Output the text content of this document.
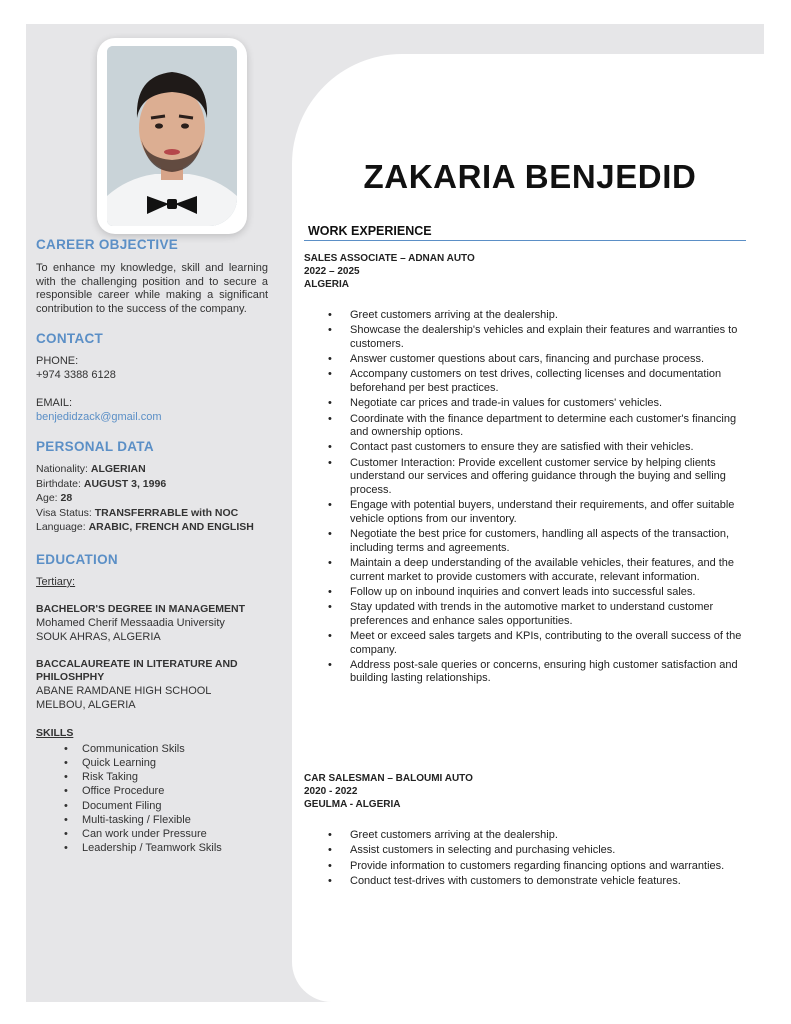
CAREER OBJECTIVE
To enhance my knowledge, skill and learning with the challenging position and to secure a responsible career while making a significant contribution to the success of the company.
CONTACT
PHONE:
+974 3388 6128
EMAIL:
benjedidzack@gmail.com
PERSONAL DATA
Nationality: ALGERIAN
Birthdate: AUGUST 3, 1996
Age: 28
Visa Status: TRANSFERRABLE with NOC
Language: ARABIC, FRENCH AND ENGLISH
EDUCATION
Tertiary:
BACHELOR'S DEGREE IN MANAGEMENT
Mohamed Cherif Messaadia University
SOUK AHRAS, ALGERIA
BACCALAUREATE IN LITERATURE AND PHILOSHPHY
ABANE RAMDANE HIGH SCHOOL
MELBOU, ALGERIA
SKILLS
• Communication Skils
• Quick Learning
• Risk Taking
• Office Procedure
• Document Filing
• Multi-tasking / Flexible
• Can work under Pressure
• Leadership / Teamwork Skils
ZAKARIA BENJEDID
WORK EXPERIENCE
SALES ASSOCIATE – ADNAN AUTO
2022 – 2025
ALGERIA
• Greet customers arriving at the dealership.
• Showcase the dealership's vehicles and explain their features and warranties to customers.
• Answer customer questions about cars, financing and purchase process.
• Accompany customers on test drives, collecting licenses and documentation beforehand per best practices.
• Negotiate car prices and trade-in values for customers' vehicles.
• Coordinate with the finance department to determine each customer's financing and ownership options.
• Contact past customers to ensure they are satisfied with their vehicles.
• Customer Interaction: Provide excellent customer service by helping clients understand our services and offering guidance through the buying and selling process.
• Engage with potential buyers, understand their requirements, and offer suitable vehicle options from our inventory.
• Negotiate the best price for customers, handling all aspects of the transaction, including terms and agreements.
• Maintain a deep understanding of the available vehicles, their features, and the current market to provide customers with accurate, relevant information.
• Follow up on inbound inquiries and convert leads into successful sales.
• Stay updated with trends in the automotive market to understand customer preferences and enhance sales opportunities.
• Meet or exceed sales targets and KPIs, contributing to the overall success of the company.
• Address post-sale queries or concerns, ensuring high customer satisfaction and building lasting relationships.
CAR SALESMAN – BALOUMI AUTO
2020 - 2022
GEULMA - ALGERIA
• Greet customers arriving at the dealership.
• Assist customers in selecting and purchasing vehicles.
• Provide information to customers regarding financing options and warranties.
• Conduct test-drives with customers to demonstrate vehicle features.
